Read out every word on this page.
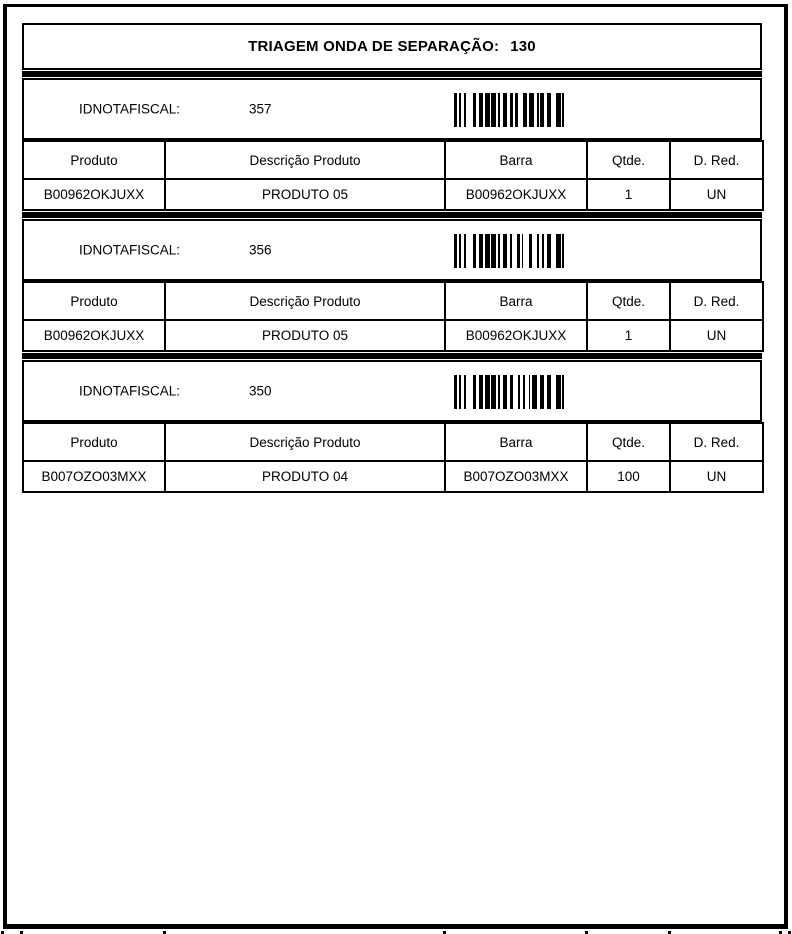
TRIAGEM ONDA DE SEPARAÇÃO: 130
IDNOTAFISCAL:	357
Produto	Descrição Produto	Barra	Qtde.	D. Red.
B00962OKJUXX	PRODUTO 05	B00962OKJUXX	1	UN
IDNOTAFISCAL:	356
Produto	Descrição Produto	Barra	Qtde.	D. Red.
B00962OKJUXX	PRODUTO 05	B00962OKJUXX	1	UN
IDNOTAFISCAL:	350
Produto	Descrição Produto	Barra	Qtde.	D. Red.
B007OZO03MXX	PRODUTO 04	B007OZO03MXX	100	UN
